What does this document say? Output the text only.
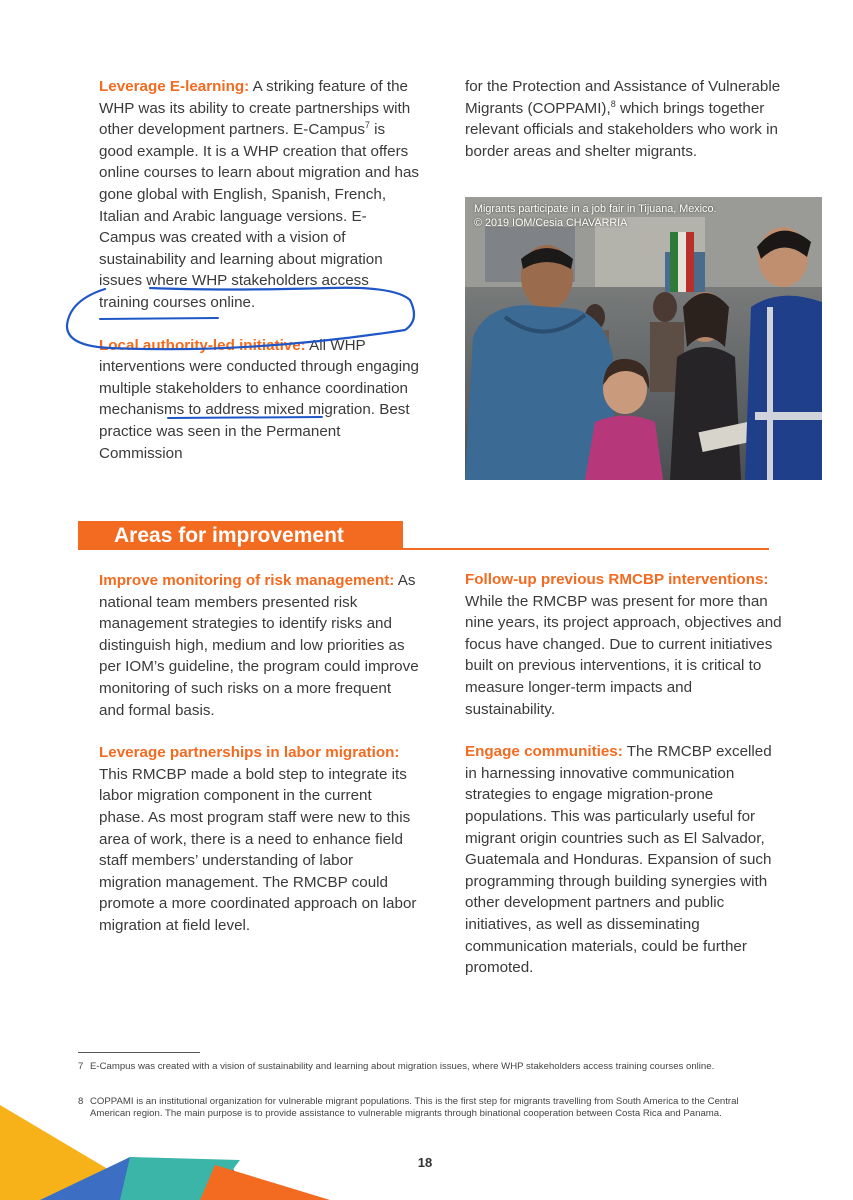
Leverage E-learning: A striking feature of the WHP was its ability to create partnerships with other development partners. E-Campus$^7$ is good example. It is a WHP creation that offers online courses to learn about migration and has gone global with English, Spanish, French, Italian and Arabic language versions. E-Campus was created with a vision of sustainability and learning about migration issues where WHP stakeholders access training courses online.

Local authority-led initiative: All WHP interventions were conducted through engaging multiple stakeholders to enhance coordination mechanisms to address mixed migration. Best practice was seen in the Permanent Commission

for the Protection and Assistance of Vulnerable Migrants (COPPAMI),$^8$ which brings together relevant officials and stakeholders who work in border areas and shelter migrants.

Migrants participate in a job fair in Tijuana, Mexico.
© 2019 IOM/Cesia CHAVARRIA
Areas for improvement

Improve monitoring of risk management: As national team members presented risk management strategies to identify risks and distinguish high, medium and low priorities as per IOM’s guideline, the program could improve monitoring of such risks on a more frequent and formal basis.

Leverage partnerships in labor migration: This RMCBP made a bold step to integrate its labor migration component in the current phase. As most program staff were new to this area of work, there is a need to enhance field staff members’ understanding of labor migration management. The RMCBP could promote a more coordinated approach on labor migration at field level.

Follow-up previous RMCBP interventions: While the RMCBP was present for more than nine years, its project approach, objectives and focus have changed. Due to current initiatives built on previous interventions, it is critical to measure longer-term impacts and sustainability.

Engage communities: The RMCBP excelled in harnessing innovative communication strategies to engage migration-prone populations. This was particularly useful for migrant origin countries such as El Salvador, Guatemala and Honduras. Expansion of such programming through building synergies with other development partners and public initiatives, as well as disseminating communication materials, could be further promoted.

7 E-Campus was created with a vision of sustainability and learning about migration issues, where WHP stakeholders access training courses online.
8 COPPAMI is an institutional organization for vulnerable migrant populations. This is the first step for migrants travelling from South America to the Central American region. The main purpose is to provide assistance to vulnerable migrants through binational cooperation between Costa Rica and Panama.
18
